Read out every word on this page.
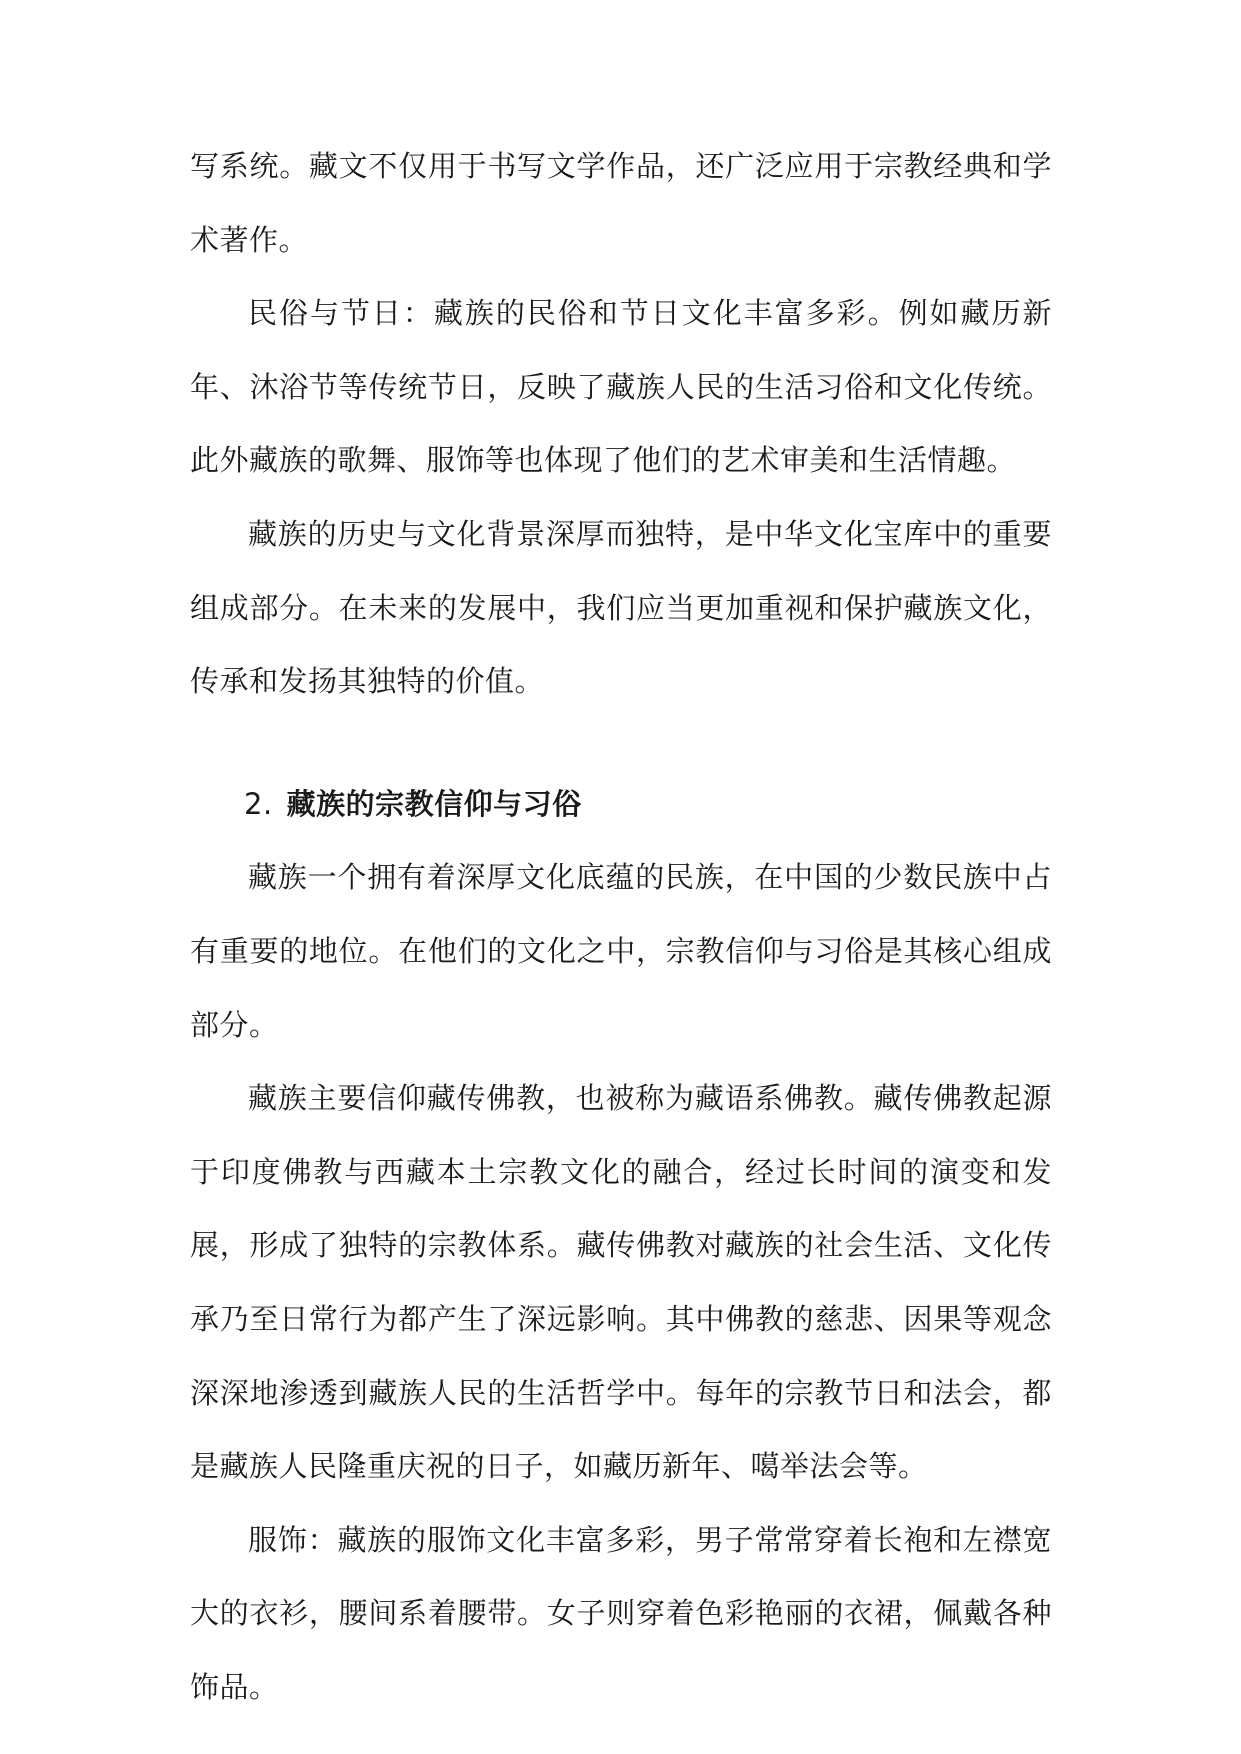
写系统。藏文不仅用于书写文学作品，还广泛应用于宗教经典和学术著作。

民俗与节日：藏族的民俗和节日文化丰富多彩。例如藏历新年、沐浴节等传统节日，反映了藏族人民的生活习俗和文化传统。此外藏族的歌舞、服饰等也体现了他们的艺术审美和生活情趣。

藏族的历史与文化背景深厚而独特，是中华文化宝库中的重要组成部分。在未来的发展中，我们应当更加重视和保护藏族文化，传承和发扬其独特的价值。

2. 藏族的宗教信仰与习俗

藏族一个拥有着深厚文化底蕴的民族，在中国的少数民族中占有重要的地位。在他们的文化之中，宗教信仰与习俗是其核心组成部分。

藏族主要信仰藏传佛教，也被称为藏语系佛教。藏传佛教起源于印度佛教与西藏本土宗教文化的融合，经过长时间的演变和发展，形成了独特的宗教体系。藏传佛教对藏族的社会生活、文化传承乃至日常行为都产生了深远影响。其中佛教的慈悲、因果等观念深深地渗透到藏族人民的生活哲学中。每年的宗教节日和法会，都是藏族人民隆重庆祝的日子，如藏历新年、噶举法会等。

服饰：藏族的服饰文化丰富多彩，男子常常穿着长袍和左襟宽大的衣衫，腰间系着腰带。女子则穿着色彩艳丽的衣裙，佩戴各种饰品。
